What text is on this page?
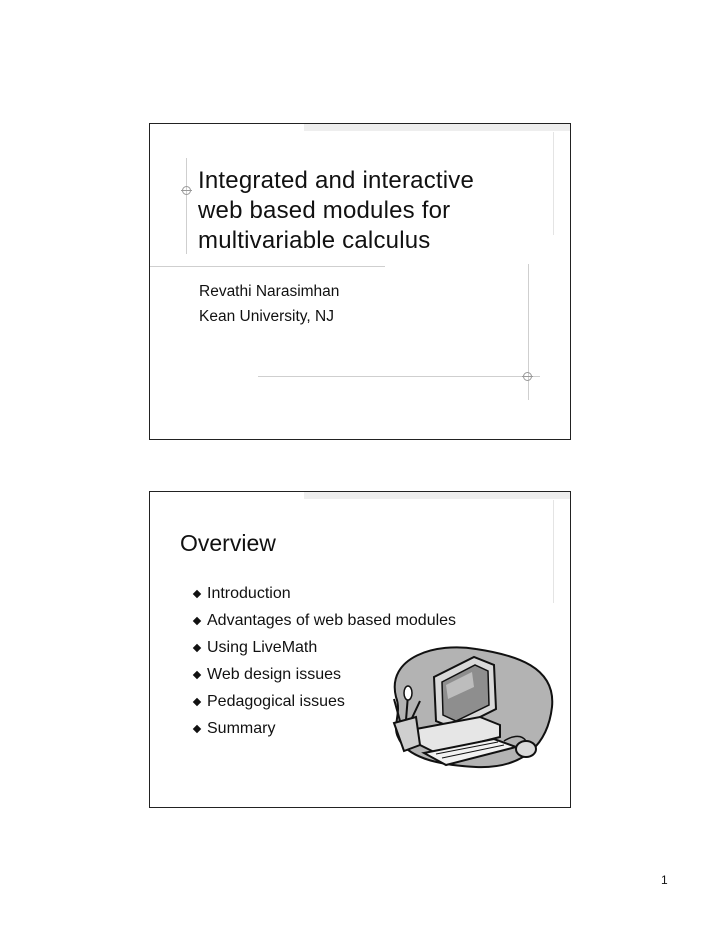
Integrated and interactive
web based modules for
multivariable calculus
Revathi Narasimhan
Kean University, NJ
Overview
Introduction
Advantages of web based modules
Using LiveMath
Web design issues
Pedagogical issues
Summary
1
